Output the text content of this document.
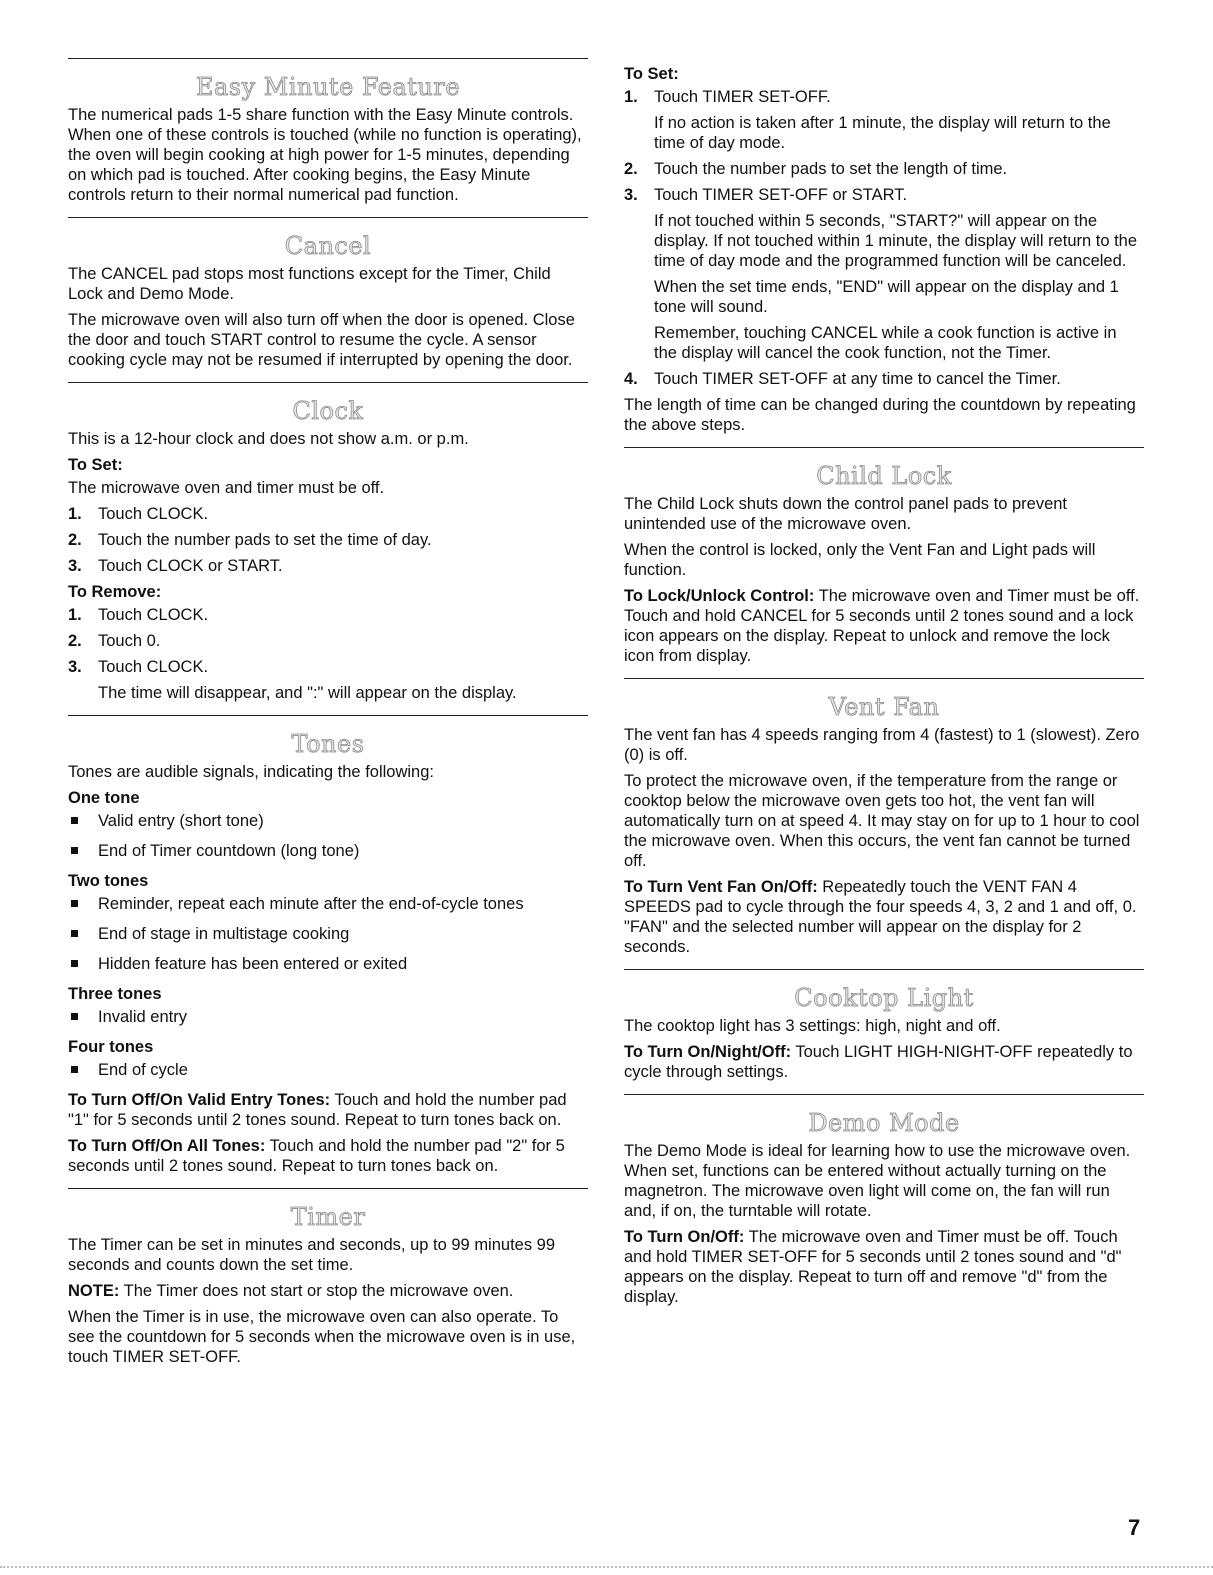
Easy Minute Feature

The numerical pads 1-5 share function with the Easy Minute controls. When one of these controls is touched (while no function is operating), the oven will begin cooking at high power for 1-5 minutes, depending on which pad is touched. After cooking begins, the Easy Minute controls return to their normal numerical pad function.

Cancel

The CANCEL pad stops most functions except for the Timer, Child Lock and Demo Mode.

The microwave oven will also turn off when the door is opened. Close the door and touch START control to resume the cycle. A sensor cooking cycle may not be resumed if interrupted by opening the door.

Clock

This is a 12-hour clock and does not show a.m. or p.m.

To Set:

The microwave oven and timer must be off.

1. Touch CLOCK.
2. Touch the number pads to set the time of day.
3. Touch CLOCK or START.
To Remove:
1. Touch CLOCK.
2. Touch 0.
3. Touch CLOCK.

The time will disappear, and ":" will appear on the display.

Tones

Tones are audible signals, indicating the following:

One tone
Valid entry (short tone)
End of Timer countdown (long tone)
Two tones
Reminder, repeat each minute after the end-of-cycle tones
End of stage in multistage cooking
Hidden feature has been entered or exited
Three tones
Invalid entry
Four tones
End of cycle

To Turn Off/On Valid Entry Tones: Touch and hold the number pad "1" for 5 seconds until 2 tones sound. Repeat to turn tones back on.

To Turn Off/On All Tones: Touch and hold the number pad "2" for 5 seconds until 2 tones sound. Repeat to turn tones back on.

Timer

The Timer can be set in minutes and seconds, up to 99 minutes 99 seconds and counts down the set time.

NOTE: The Timer does not start or stop the microwave oven.

When the Timer is in use, the microwave oven can also operate. To see the countdown for 5 seconds when the microwave oven is in use, touch TIMER SET-OFF.

To Set:
1. Touch TIMER SET-OFF.

If no action is taken after 1 minute, the display will return to the time of day mode.

2. Touch the number pads to set the length of time.
3. Touch TIMER SET-OFF or START.

If not touched within 5 seconds, "START?" will appear on the display. If not touched within 1 minute, the display will return to the time of day mode and the programmed function will be canceled.

When the set time ends, "END" will appear on the display and 1 tone will sound.

Remember, touching CANCEL while a cook function is active in the display will cancel the cook function, not the Timer.

4. Touch TIMER SET-OFF at any time to cancel the Timer.

The length of time can be changed during the countdown by repeating the above steps.

Child Lock

The Child Lock shuts down the control panel pads to prevent unintended use of the microwave oven.

When the control is locked, only the Vent Fan and Light pads will function.

To Lock/Unlock Control: The microwave oven and Timer must be off. Touch and hold CANCEL for 5 seconds until 2 tones sound and a lock icon appears on the display. Repeat to unlock and remove the lock icon from display.

Vent Fan

The vent fan has 4 speeds ranging from 4 (fastest) to 1 (slowest). Zero (0) is off.

To protect the microwave oven, if the temperature from the range or cooktop below the microwave oven gets too hot, the vent fan will automatically turn on at speed 4. It may stay on for up to 1 hour to cool the microwave oven. When this occurs, the vent fan cannot be turned off.

To Turn Vent Fan On/Off: Repeatedly touch the VENT FAN 4 SPEEDS pad to cycle through the four speeds 4, 3, 2 and 1 and off, 0. "FAN" and the selected number will appear on the display for 2 seconds.

Cooktop Light

The cooktop light has 3 settings: high, night and off.

To Turn On/Night/Off: Touch LIGHT HIGH-NIGHT-OFF repeatedly to cycle through settings.

Demo Mode

The Demo Mode is ideal for learning how to use the microwave oven. When set, functions can be entered without actually turning on the magnetron. The microwave oven light will come on, the fan will run and, if on, the turntable will rotate.

To Turn On/Off: The microwave oven and Timer must be off. Touch and hold TIMER SET-OFF for 5 seconds until 2 tones sound and "d" appears on the display. Repeat to turn off and remove "d" from the display.

7
